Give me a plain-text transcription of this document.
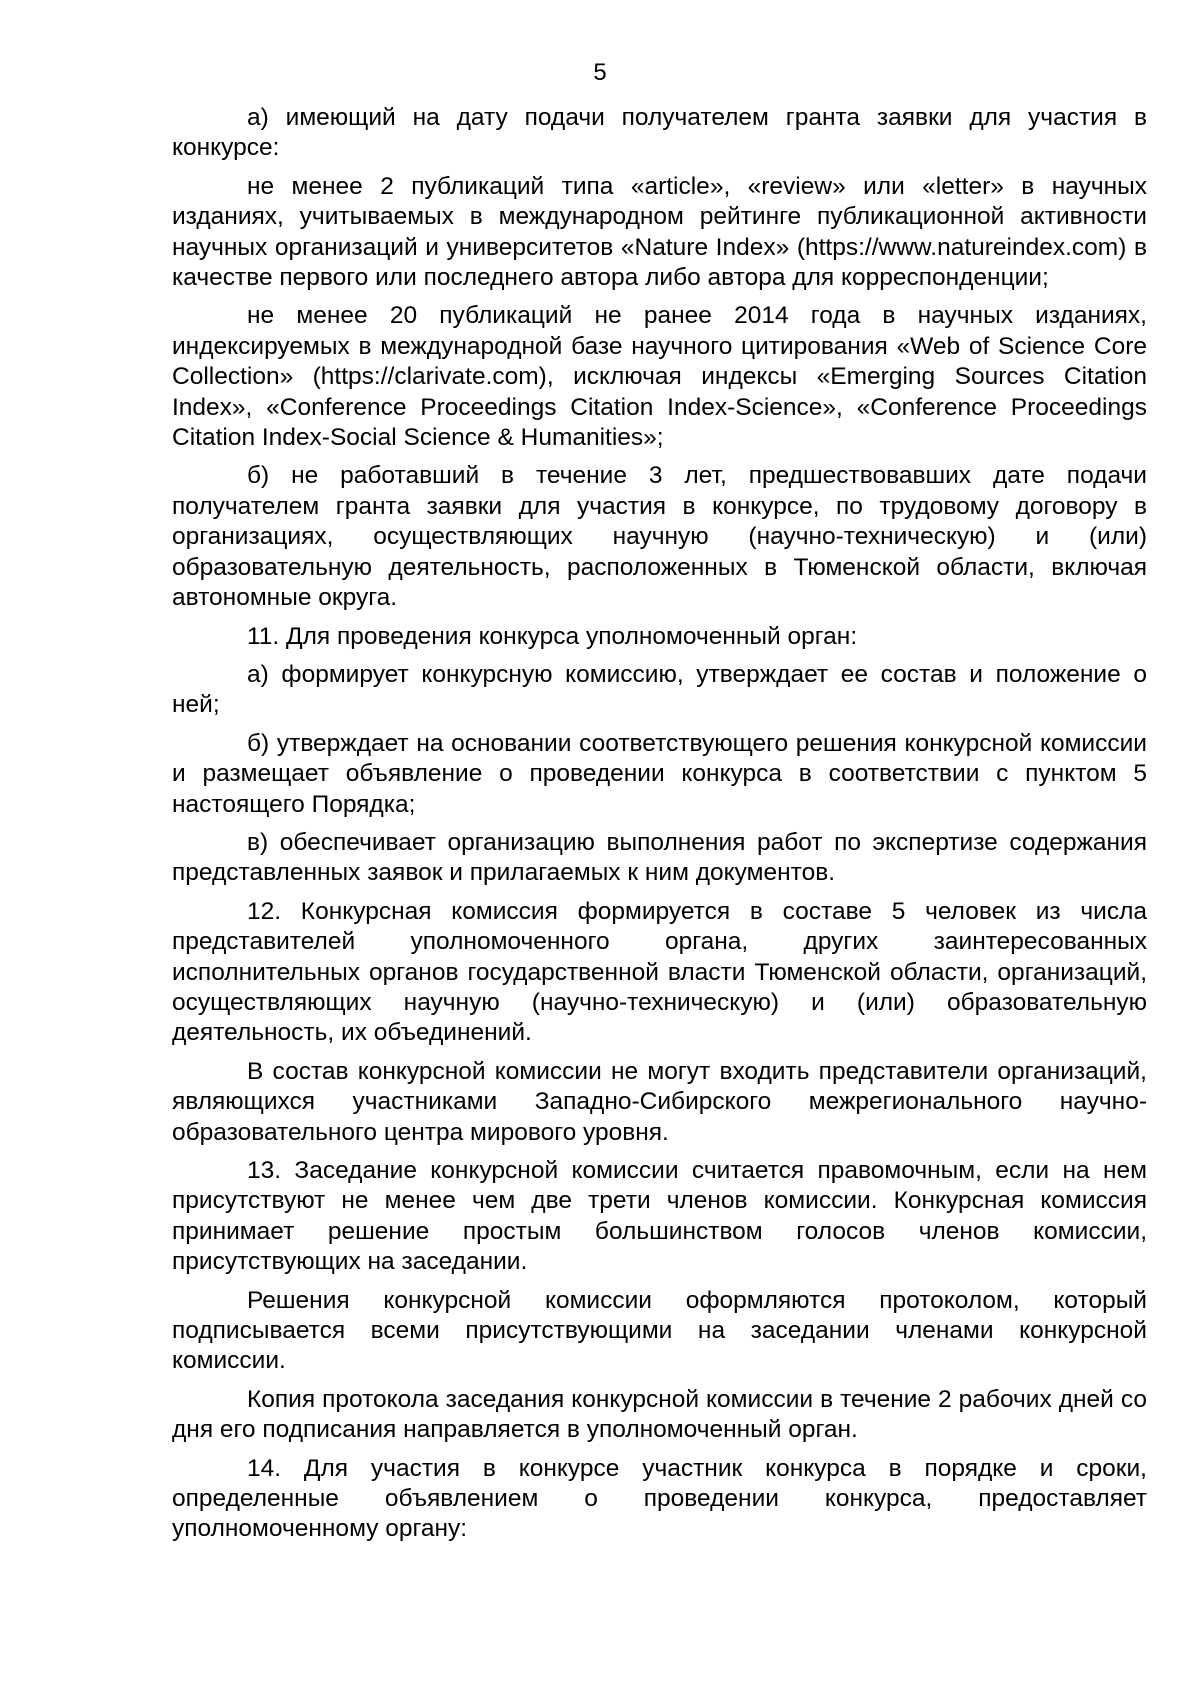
5

а) имеющий на дату подачи получателем гранта заявки для участия в конкурсе:

не менее 2 публикаций типа «article», «review» или «letter» в научных изданиях, учитываемых в международном рейтинге публикационной активности научных организаций и университетов «Nature Index» (https://www.natureindex.com) в качестве первого или последнего автора либо автора для корреспонденции;

не менее 20 публикаций не ранее 2014 года в научных изданиях, индексируемых в международной базе научного цитирования «Web of Science Core Collection» (https://clarivate.com), исключая индексы «Emerging Sources Citation Index», «Conference Proceedings Citation Index-Science», «Conference Proceedings Citation Index-Social Science & Humanities»;

б) не работавший в течение 3 лет, предшествовавших дате подачи получателем гранта заявки для участия в конкурсе, по трудовому договору в организациях, осуществляющих научную (научно-техническую) и (или) образовательную деятельность, расположенных в Тюменской области, включая автономные округа.

11. Для проведения конкурса уполномоченный орган:

а) формирует конкурсную комиссию, утверждает ее состав и положение о ней;

б) утверждает на основании соответствующего решения конкурсной комиссии и размещает объявление о проведении конкурса в соответствии с пунктом 5 настоящего Порядка;

в) обеспечивает организацию выполнения работ по экспертизе содержания представленных заявок и прилагаемых к ним документов.

12. Конкурсная комиссия формируется в составе 5 человек из числа представителей уполномоченного органа, других заинтересованных исполнительных органов государственной власти Тюменской области, организаций, осуществляющих научную (научно-техническую) и (или) образовательную деятельность, их объединений.

В состав конкурсной комиссии не могут входить представители организаций, являющихся участниками Западно-Сибирского межрегионального научно-образовательного центра мирового уровня.

13. Заседание конкурсной комиссии считается правомочным, если на нем присутствуют не менее чем две трети членов комиссии. Конкурсная комиссия принимает решение простым большинством голосов членов комиссии, присутствующих на заседании.

Решения конкурсной комиссии оформляются протоколом, который подписывается всеми присутствующими на заседании членами конкурсной комиссии.

Копия протокола заседания конкурсной комиссии в течение 2 рабочих дней со дня его подписания направляется в уполномоченный орган.

14. Для участия в конкурсе участник конкурса в порядке и сроки, определенные объявлением о проведении конкурса, предоставляет уполномоченному органу:
